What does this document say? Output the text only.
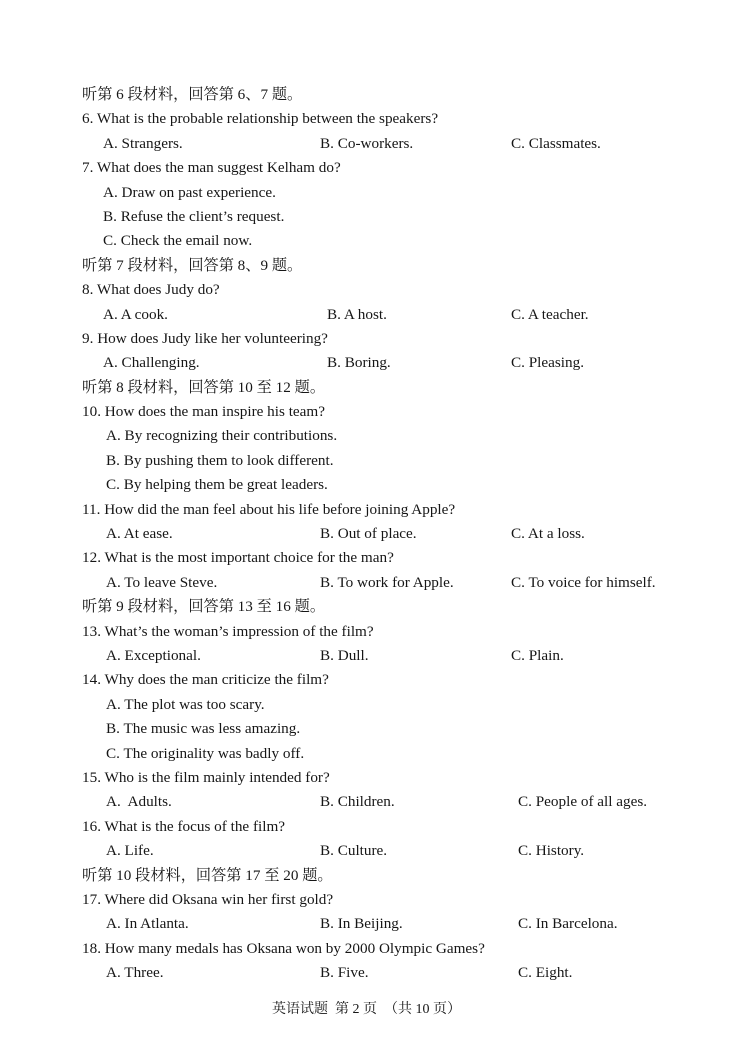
听第 6 段材料，回答第 6、7 题。
6. What is the probable relationship between the speakers?

A. Strangers.

	B. Co-workers.

	C. Classmates.

7. What does the man suggest Kelham do?
A. Draw on past experience.
B. Refuse the client’s request.
C. Check the email now.
听第 7 段材料，回答第 8、9 题。
8. What does Judy do?

A. A cook.

	B. A host.

	C. A teacher.

9. How does Judy like her volunteering?

A. Challenging.

	B. Boring.

	C. Pleasing.

听第 8 段材料，回答第 10 至 12 题。
10. How does the man inspire his team?
A. By recognizing their contributions.
B. By pushing them to look different.
C. By helping them be great leaders.
11. How did the man feel about his life before joining Apple?

A. At ease.

	B. Out of place.

	C. At a loss.

12. What is the most important choice for the man?

A. To leave Steve.

	B. To work for Apple.

	C. To voice for himself.

听第 9 段材料，回答第 13 至 16 题。
13. What’s the woman’s impression of the film?

A. Exceptional.

	B. Dull.

	C. Plain.

14. Why does the man criticize the film?
A. The plot was too scary.
B. The music was less amazing.
C. The originality was badly off.
15. Who is the film mainly intended for?

A.  Adults.

	B. Children.

	C. People of all ages.

16. What is the focus of the film?

A. Life.

	B. Culture.

	C. History.

听第 10 段材料，回答第 17 至 20 题。
17. Where did Oksana win her first gold?

A. In Atlanta.

	B. In Beijing.

	C. In Barcelona.

18. How many medals has Oksana won by 2000 Olympic Games?

A. Three.

	B. Five.

	C. Eight.

英语试题  第 2 页  （共 10 页）
